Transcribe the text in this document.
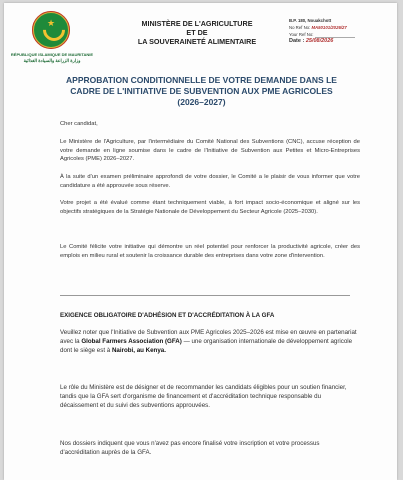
★
RÉPUBLIQUE ISLAMIQUE DE MAURITANIE
وزارة الزراعة والسيادة الغذائية
MINISTÈRE DE L'AGRICULTURE
ET DE
LA SOUVERAINETÉ ALIMENTAIRE
B.P. 180, Nouakchott
No Ref No: MA50101/2026/27
Your Ref No:
Date : 25/08/2026
APPROBATION CONDITIONNELLE DE VOTRE DEMANDE DANS LE
CADRE DE L'INITIATIVE DE SUBVENTION AUX PME AGRICOLES
(2026–2027)
Cher candidat,
Le Ministère de l'Agriculture, par l'intermédiaire du Comité National des Subventions (CNC), accuse réception de votre demande en ligne soumise dans le cadre de l'Initiative de Subvention aux Petites et Micro-Entreprises Agricoles (PME) 2026–2027.
À la suite d'un examen préliminaire approfondi de votre dossier, le Comité a le plaisir de vous informer que votre candidature a été approuvée sous réserve.
Votre projet a été évalué comme étant techniquement viable, à fort impact socio-économique et aligné sur les objectifs stratégiques de la Stratégie Nationale de Développement du Secteur Agricole (2025–2030).
Le Comité félicite votre initiative qui démontre un réel potentiel pour renforcer la productivité agricole, créer des emplois en milieu rural et soutenir la croissance durable des entreprises dans votre zone d'intervention.
EXIGENCE OBLIGATOIRE D'ADHÉSION ET D'ACCRÉDITATION À LA GFA
Veuillez noter que l'Initiative de Subvention aux PME Agricoles 2025–2026 est mise en œuvre en partenariat avec la Global Farmers Association (GFA) — une organisation internationale de développement agricole dont le siège est à Nairobi, au Kenya.
Le rôle du Ministère est de désigner et de recommander les candidats éligibles pour un soutien financier, tandis que la GFA sert d'organisme de financement et d'accréditation technique responsable du décaissement et du suivi des subventions approuvées.
Nos dossiers indiquent que vous n'avez pas encore finalisé votre inscription et votre processus d'accréditation auprès de la GFA.
